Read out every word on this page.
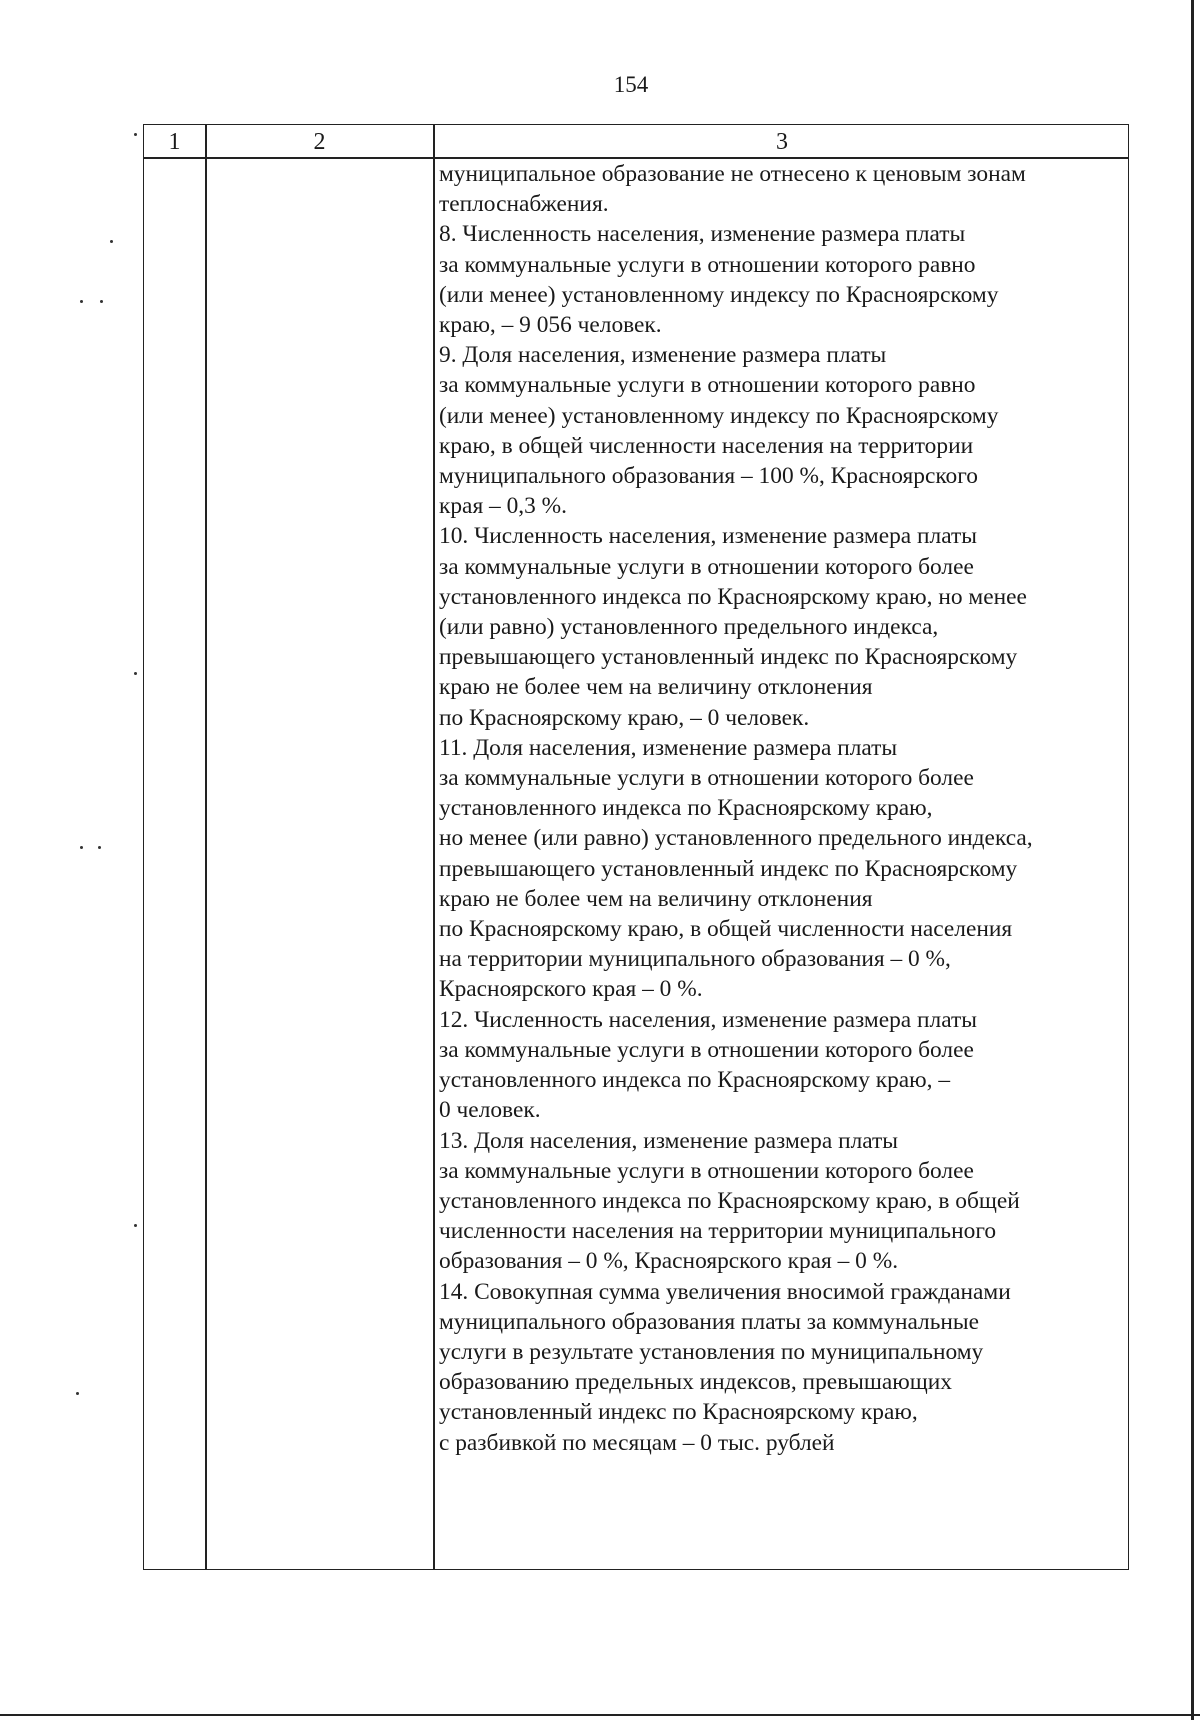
154
1	2	3
муниципальное образование не отнесено к ценовым зонам
теплоснабжения.
8. Численность населения, изменение размера платы
за коммунальные услуги в отношении которого равно
(или менее) установленному индексу по Красноярскому
краю, – 9 056 человек.
9. Доля населения, изменение размера платы
за коммунальные услуги в отношении которого равно
(или менее) установленному индексу по Красноярскому
краю, в общей численности населения на территории
муниципального образования – 100 %, Красноярского
края – 0,3 %.
10. Численность населения, изменение размера платы
за коммунальные услуги в отношении которого более
установленного индекса по Красноярскому краю, но менее
(или равно) установленного предельного индекса,
превышающего установленный индекс по Красноярскому
краю не более чем на величину отклонения
по Красноярскому краю, – 0 человек.
11. Доля населения, изменение размера платы
за коммунальные услуги в отношении которого более
установленного индекса по Красноярскому краю,
но менее (или равно) установленного предельного индекса,
превышающего установленный индекс по Красноярскому
краю не более чем на величину отклонения
по Красноярскому краю, в общей численности населения
на территории муниципального образования – 0 %,
Красноярского края – 0 %.
12. Численность населения, изменение размера платы
за коммунальные услуги в отношении которого более
установленного индекса по Красноярскому краю, –
0 человек.
13. Доля населения, изменение размера платы
за коммунальные услуги в отношении которого более
установленного индекса по Красноярскому краю, в общей
численности населения на территории муниципального
образования – 0 %, Красноярского края – 0 %.
14. Совокупная сумма увеличения вносимой гражданами
муниципального образования платы за коммунальные
услуги в результате установления по муниципальному
образованию предельных индексов, превышающих
установленный индекс по Красноярскому краю,
с разбивкой по месяцам – 0 тыс. рублей
